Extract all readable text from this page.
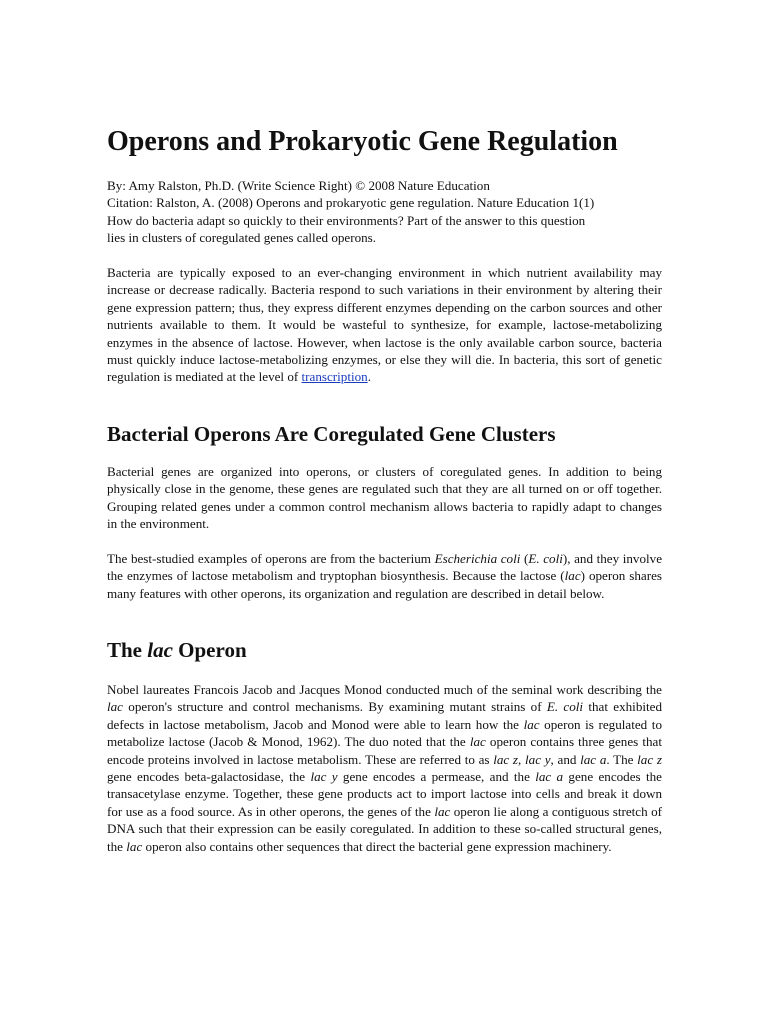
Operons and Prokaryotic Gene Regulation

By: Amy Ralston, Ph.D. (Write Science Right) © 2008 Nature Education
Citation: Ralston, A. (2008) Operons and prokaryotic gene regulation. Nature Education 1(1)
How do bacteria adapt so quickly to their environments? Part of the answer to this question
lies in clusters of coregulated genes called operons.

Bacteria are typically exposed to an ever-changing environment in which nutrient availability may increase or decrease radically. Bacteria respond to such variations in their environment by altering their gene expression pattern; thus, they express different enzymes depending on the carbon sources and other nutrients available to them. It would be wasteful to synthesize, for example, lactose-metabolizing enzymes in the absence of lactose. However, when lactose is the only available carbon source, bacteria must quickly induce lactose-metabolizing enzymes, or else they will die. In bacteria, this sort of genetic regulation is mediated at the level of transcription.

Bacterial Operons Are Coregulated Gene Clusters

Bacterial genes are organized into operons, or clusters of coregulated genes. In addition to being physically close in the genome, these genes are regulated such that they are all turned on or off together. Grouping related genes under a common control mechanism allows bacteria to rapidly adapt to changes in the environment.

The best-studied examples of operons are from the bacterium Escherichia coli (E. coli), and they involve the enzymes of lactose metabolism and tryptophan biosynthesis. Because the lactose (lac) operon shares many features with other operons, its organization and regulation are described in detail below.

The lac Operon

Nobel laureates Francois Jacob and Jacques Monod conducted much of the seminal work describing the lac operon's structure and control mechanisms. By examining mutant strains of E. coli that exhibited defects in lactose metabolism, Jacob and Monod were able to learn how the lac operon is regulated to metabolize lactose (Jacob & Monod, 1962). The duo noted that the lac operon contains three genes that encode proteins involved in lactose metabolism. These are referred to as lac z, lac y, and lac a. The lac z gene encodes beta-galactosidase, the lac y gene encodes a permease, and the lac a gene encodes the transacetylase enzyme. Together, these gene products act to import lactose into cells and break it down for use as a food source. As in other operons, the genes of the lac operon lie along a contiguous stretch of DNA such that their expression can be easily coregulated. In addition to these so-called structural genes, the lac operon also contains other sequences that direct the bacterial gene expression machinery.
